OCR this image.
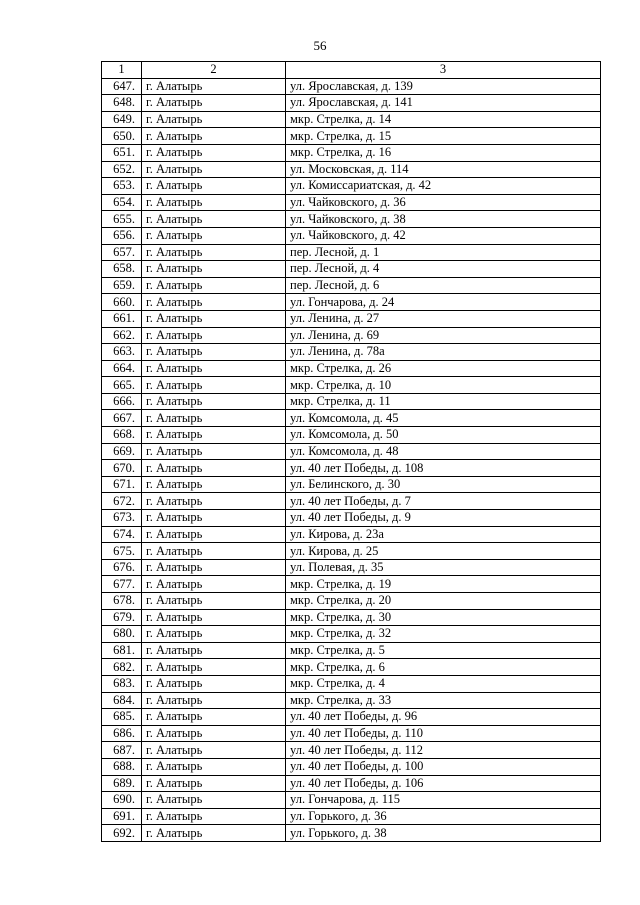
56
1	2	3
647.	г. Алатырь	ул. Ярославская, д. 139
648.	г. Алатырь	ул. Ярославская, д. 141
649.	г. Алатырь	мкр. Стрелка, д. 14
650.	г. Алатырь	мкр. Стрелка, д. 15
651.	г. Алатырь	мкр. Стрелка, д. 16
652.	г. Алатырь	ул. Московская, д. 114
653.	г. Алатырь	ул. Комиссариатская, д. 42
654.	г. Алатырь	ул. Чайковского, д. 36
655.	г. Алатырь	ул. Чайковского, д. 38
656.	г. Алатырь	ул. Чайковского, д. 42
657.	г. Алатырь	пер. Лесной, д. 1
658.	г. Алатырь	пер. Лесной, д. 4
659.	г. Алатырь	пер. Лесной, д. 6
660.	г. Алатырь	ул. Гончарова, д. 24
661.	г. Алатырь	ул. Ленина, д. 27
662.	г. Алатырь	ул. Ленина, д. 69
663.	г. Алатырь	ул. Ленина, д. 78а
664.	г. Алатырь	мкр. Стрелка, д. 26
665.	г. Алатырь	мкр. Стрелка, д. 10
666.	г. Алатырь	мкр. Стрелка, д. 11
667.	г. Алатырь	ул. Комсомола, д. 45
668.	г. Алатырь	ул. Комсомола, д. 50
669.	г. Алатырь	ул. Комсомола, д. 48
670.	г. Алатырь	ул. 40 лет Победы, д. 108
671.	г. Алатырь	ул. Белинского, д. 30
672.	г. Алатырь	ул. 40 лет Победы, д. 7
673.	г. Алатырь	ул. 40 лет Победы, д. 9
674.	г. Алатырь	ул. Кирова, д. 23а
675.	г. Алатырь	ул. Кирова, д. 25
676.	г. Алатырь	ул. Полевая, д. 35
677.	г. Алатырь	мкр. Стрелка, д. 19
678.	г. Алатырь	мкр. Стрелка, д. 20
679.	г. Алатырь	мкр. Стрелка, д. 30
680.	г. Алатырь	мкр. Стрелка, д. 32
681.	г. Алатырь	мкр. Стрелка, д. 5
682.	г. Алатырь	мкр. Стрелка, д. 6
683.	г. Алатырь	мкр. Стрелка, д. 4
684.	г. Алатырь	мкр. Стрелка, д. 33
685.	г. Алатырь	ул. 40 лет Победы, д. 96
686.	г. Алатырь	ул. 40 лет Победы, д. 110
687.	г. Алатырь	ул. 40 лет Победы, д. 112
688.	г. Алатырь	ул. 40 лет Победы, д. 100
689.	г. Алатырь	ул. 40 лет Победы, д. 106
690.	г. Алатырь	ул. Гончарова, д. 115
691.	г. Алатырь	ул. Горького, д. 36
692.	г. Алатырь	ул. Горького, д. 38
